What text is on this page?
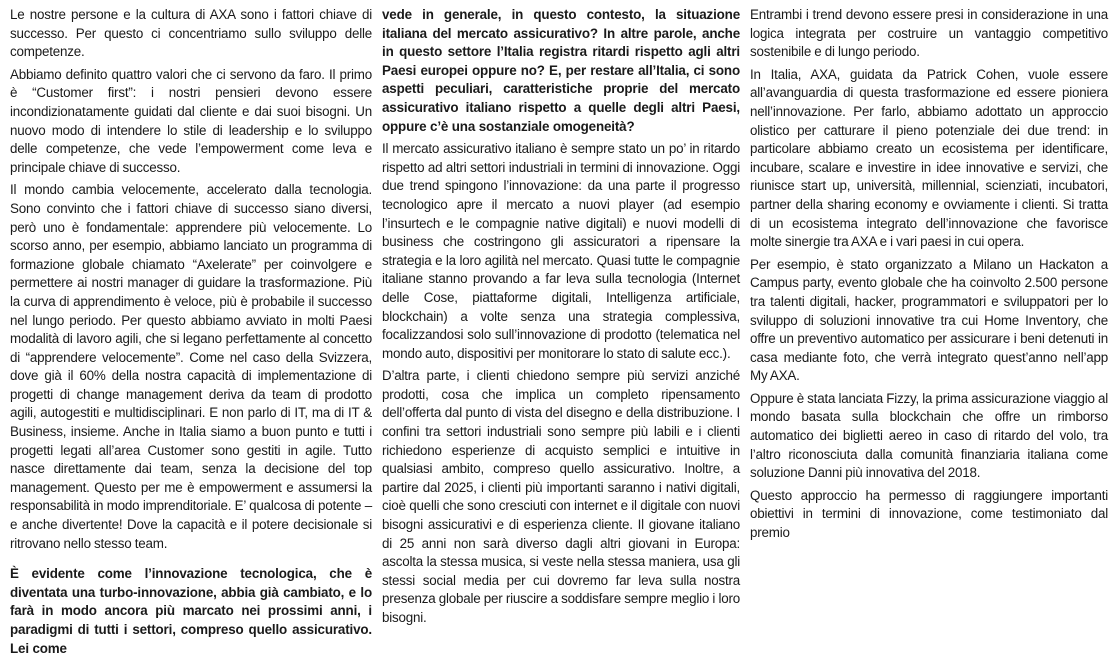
Le nostre persone e la cultura di AXA sono i fattori chiave di successo. Per questo ci concentriamo sullo sviluppo delle competenze.

Abbiamo definito quattro valori che ci servono da faro. Il primo è “Customer first”: i nostri pensieri devono essere incondizionatamente guidati dal cliente e dai suoi bisogni. Un nuovo modo di intendere lo stile di leadership e lo sviluppo delle competenze, che vede l’empowerment come leva e principale chiave di successo.

Il mondo cambia velocemente, accelerato dalla tecnologia. Sono convinto che i fattori chiave di successo siano diversi, però uno è fondamentale: apprendere più velocemente. Lo scorso anno, per esempio, abbiamo lanciato un programma di formazione globale chiamato “Axelerate” per coinvolgere e permettere ai nostri manager di guidare la trasformazione. Più la curva di apprendimento è veloce, più è probabile il successo nel lungo periodo. Per questo abbiamo avviato in molti Paesi modalità di lavoro agili, che si legano perfettamente al concetto di “apprendere velocemente”. Come nel caso della Svizzera, dove già il 60% della nostra capacità di implementazione di progetti di change management deriva da team di prodotto agili, autogestiti e multidisciplinari. E non parlo di IT, ma di IT & Business, insieme. Anche in Italia siamo a buon punto e tutti i progetti legati all’area Customer sono gestiti in agile. Tutto nasce direttamente dai team, senza la decisione del top management. Questo per me è empowerment e assumersi la responsabilità in modo imprenditoriale. E’ qualcosa di potente – e anche divertente! Dove la capacità e il potere decisionale si ritrovano nello stesso team.

È evidente come l’innovazione tecnologica, che è diventata una turbo-innovazione, abbia già cambiato, e lo farà in modo ancora più marcato nei prossimi anni, i paradigmi di tutti i settori, compreso quello assicurativo. Lei come

vede in generale, in questo contesto, la situazione italiana del mercato assicurativo? In altre parole, anche in questo settore l’Italia registra ritardi rispetto agli altri Paesi europei oppure no? E, per restare all’Italia, ci sono aspetti peculiari, caratteristiche proprie del mercato assicurativo italiano rispetto a quelle degli altri Paesi, oppure c’è una sostanziale omogeneità?

Il mercato assicurativo italiano è sempre stato un po’ in ritardo rispetto ad altri settori industriali in termini di innovazione. Oggi due trend spingono l’innovazione: da una parte il progresso tecnologico apre il mercato a nuovi player (ad esempio l’insurtech e le compagnie native digitali) e nuovi modelli di business che costringono gli assicuratori a ripensare la strategia e la loro agilità nel mercato. Quasi tutte le compagnie italiane stanno provando a far leva sulla tecnologia (Internet delle Cose, piattaforme digitali, Intelligenza artificiale, blockchain) a volte senza una strategia complessiva, focalizzandosi solo sull’innovazione di prodotto (telematica nel mondo auto, dispositivi per monitorare lo stato di salute ecc.).

D’altra parte, i clienti chiedono sempre più servizi anziché prodotti, cosa che implica un completo ripensamento dell’offerta dal punto di vista del disegno e della distribuzione. I confini tra settori industriali sono sempre più labili e i clienti richiedono esperienze di acquisto semplici e intuitive in qualsiasi ambito, compreso quello assicurativo. Inoltre, a partire dal 2025, i clienti più importanti saranno i nativi digitali, cioè quelli che sono cresciuti con internet e il digitale con nuovi bisogni assicurativi e di esperienza cliente. Il giovane italiano di 25 anni non sarà diverso dagli altri giovani in Europa: ascolta la stessa musica, si veste nella stessa maniera, usa gli stessi social media per cui dovremo far leva sulla nostra presenza globale per riuscire a soddisfare sempre meglio i loro bisogni.

Entrambi i trend devono essere presi in considerazione in una logica integrata per costruire un vantaggio competitivo sostenibile e di lungo periodo.

In Italia, AXA, guidata da Patrick Cohen, vuole essere all’avanguardia di questa trasformazione ed essere pioniera nell’innovazione. Per farlo, abbiamo adottato un approccio olistico per catturare il pieno potenziale dei due trend: in particolare abbiamo creato un ecosistema per identificare, incubare, scalare e investire in idee innovative e servizi, che riunisce start up, università, millennial, scienziati, incubatori, partner della sharing economy e ovviamente i clienti. Si tratta di un ecosistema integrato dell’innovazione che favorisce molte sinergie tra AXA e i vari paesi in cui opera.

Per esempio, è stato organizzato a Milano un Hackaton a Campus party, evento globale che ha coinvolto 2.500 persone tra talenti digitali, hacker, programmatori e sviluppatori per lo sviluppo di soluzioni innovative tra cui Home Inventory, che offre un preventivo automatico per assicurare i beni detenuti in casa mediante foto, che verrà integrato quest’anno nell’app My AXA.

Oppure è stata lanciata Fizzy, la prima assicurazione viaggio al mondo basata sulla blockchain che offre un rimborso automatico dei biglietti aereo in caso di ritardo del volo, tra l’altro riconosciuta dalla comunità finanziaria italiana come soluzione Danni più innovativa del 2018.

Questo approccio ha permesso di raggiungere importanti obiettivi in termini di innovazione, come testimoniato dal premio
